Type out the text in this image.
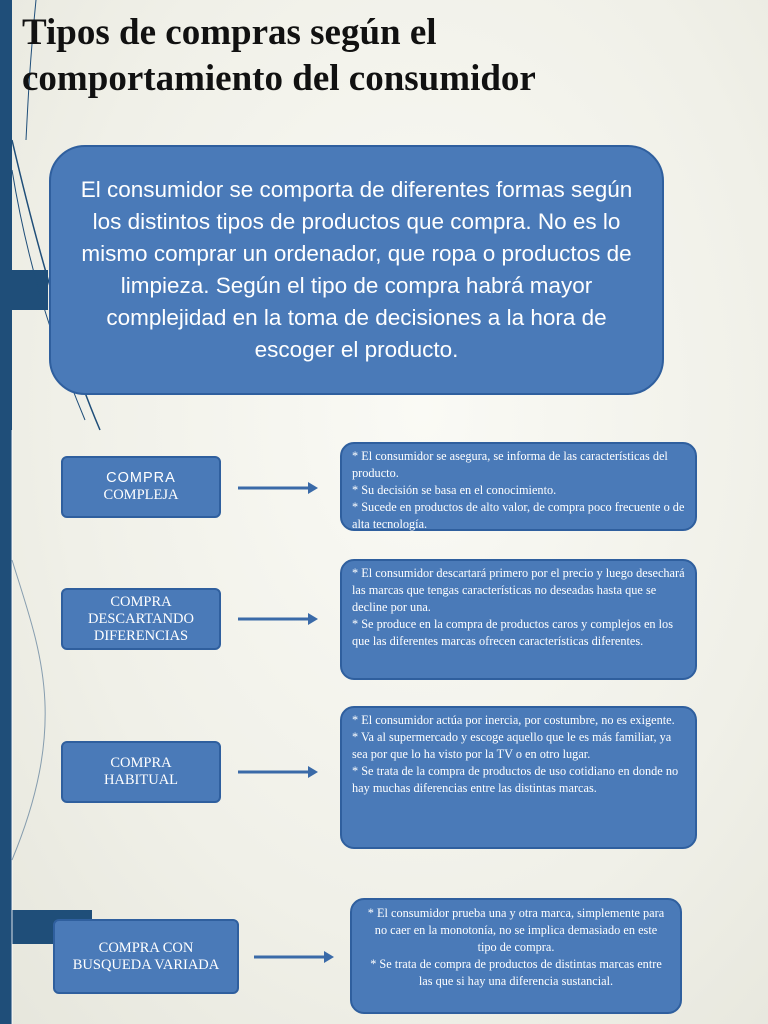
Tipos de compras según el
comportamiento del consumidor
El consumidor se comporta de diferentes formas según los distintos tipos de productos que compra. No es lo mismo comprar un ordenador, que ropa o productos de limpieza. Según el tipo de compra habrá mayor complejidad en la toma de decisiones a la hora de escoger el producto.
COMPRA
COMPLEJA
* El consumidor se asegura, se informa de las características del producto.
* Su decisión se basa en el conocimiento.
* Sucede en productos de alto valor, de compra poco frecuente o de alta tecnología.
COMPRA
DESCARTANDO
DIFERENCIAS
* El consumidor descartará primero por el precio y luego desechará las marcas que tengas características no deseadas hasta que se decline por una.
* Se produce en la compra de productos caros y complejos en los que las diferentes marcas ofrecen características diferentes.
COMPRA
HABITUAL
* El consumidor actúa por inercia, por costumbre, no es exigente.
* Va al supermercado y escoge aquello que le es más familiar, ya sea por que lo ha visto por la TV o en otro lugar.
* Se trata de la compra de productos de uso cotidiano en donde no hay muchas diferencias entre las distintas marcas.
COMPRA CON
BUSQUEDA VARIADA
* El consumidor prueba una y otra marca, simplemente para no caer en la monotonía, no se implica demasiado en este tipo de compra.
* Se trata de compra de productos de distintas marcas entre las que si hay una diferencia sustancial.
